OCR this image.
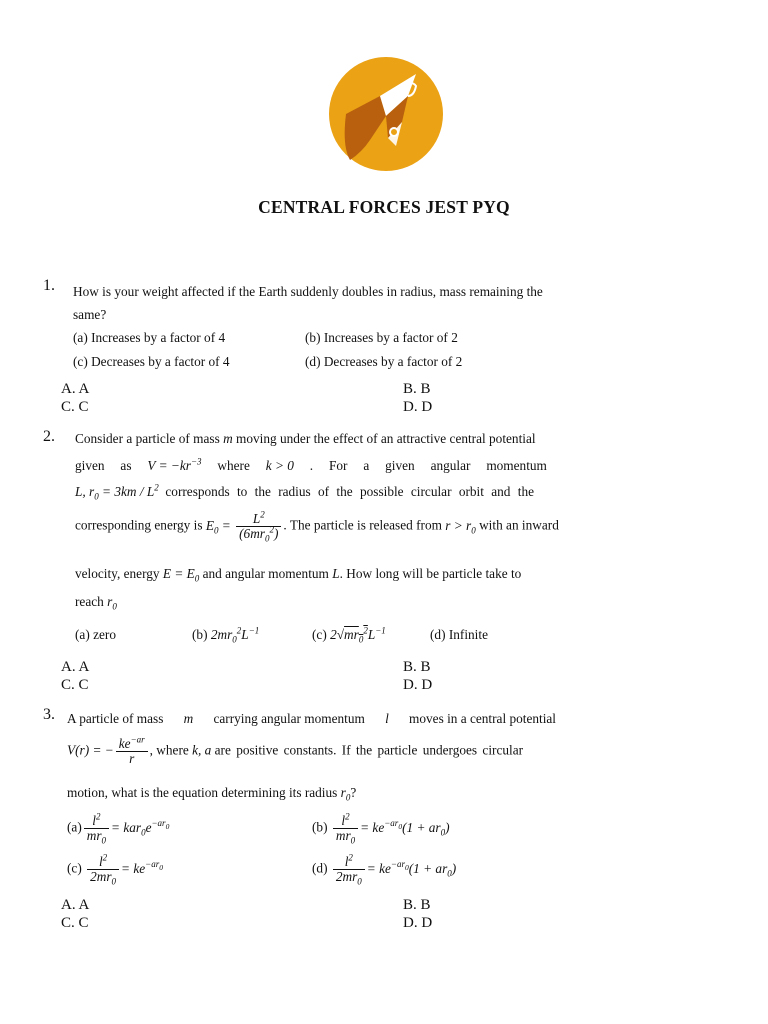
CENTRAL FORCES JEST PYQ
1. How is your weight affected if the Earth suddenly doubles in radius, mass remaining the
same?
(a) Increases by a factor of 4	(b) Increases by a factor of 2
(c) Decreases by a factor of 4	(d) Decreases by a factor of 2
A. A	B. B
C. C	D. D
2. Consider a particle of mass m moving under the effect of an attractive central potential
given as $V = -kr^{-3}$ where k > 0 . For a given angular momentum
L, $r_0 = 3km / L^2$ corresponds to the radius of the possible circular orbit and the
corresponding energy is $E_0 = \frac{L^2}{(6mr_0^2)}$ . The particle is released from $r > r_0$ with an inward
velocity, energy $E = E_0$ and angular momentum L. How long will be particle take to
reach $r_0$
(a) zero	(b) $2mr_0^2L^{-1}$	(c) $2√mr_0^2L^{-1}$	(d) Infinite
A. A	B. B
C. C	D. D
3. A particle of mass m carrying angular momentum l moves in a central potential
V(r) = − $\frac{ke^{-ar}}{r}$ , where k, a are positive constants. If the particle undergoes circular
motion, what is the equation determining its radius $r_0$?
$(a) \frac{l^2}{mr_0} = kar_0e^{-ar_0}$	$(b) \frac{l^2}{mr_0} = ke^{-ar_0}(1 + ar_0)$
$(c) \frac{l^2}{2mr_0} = ke^{-ar_0}$	$(d) \frac{l^2}{2mr_0} = ke^{-ar_0}(1 + ar_0)$
A. A	B. B
C. C	D. D
